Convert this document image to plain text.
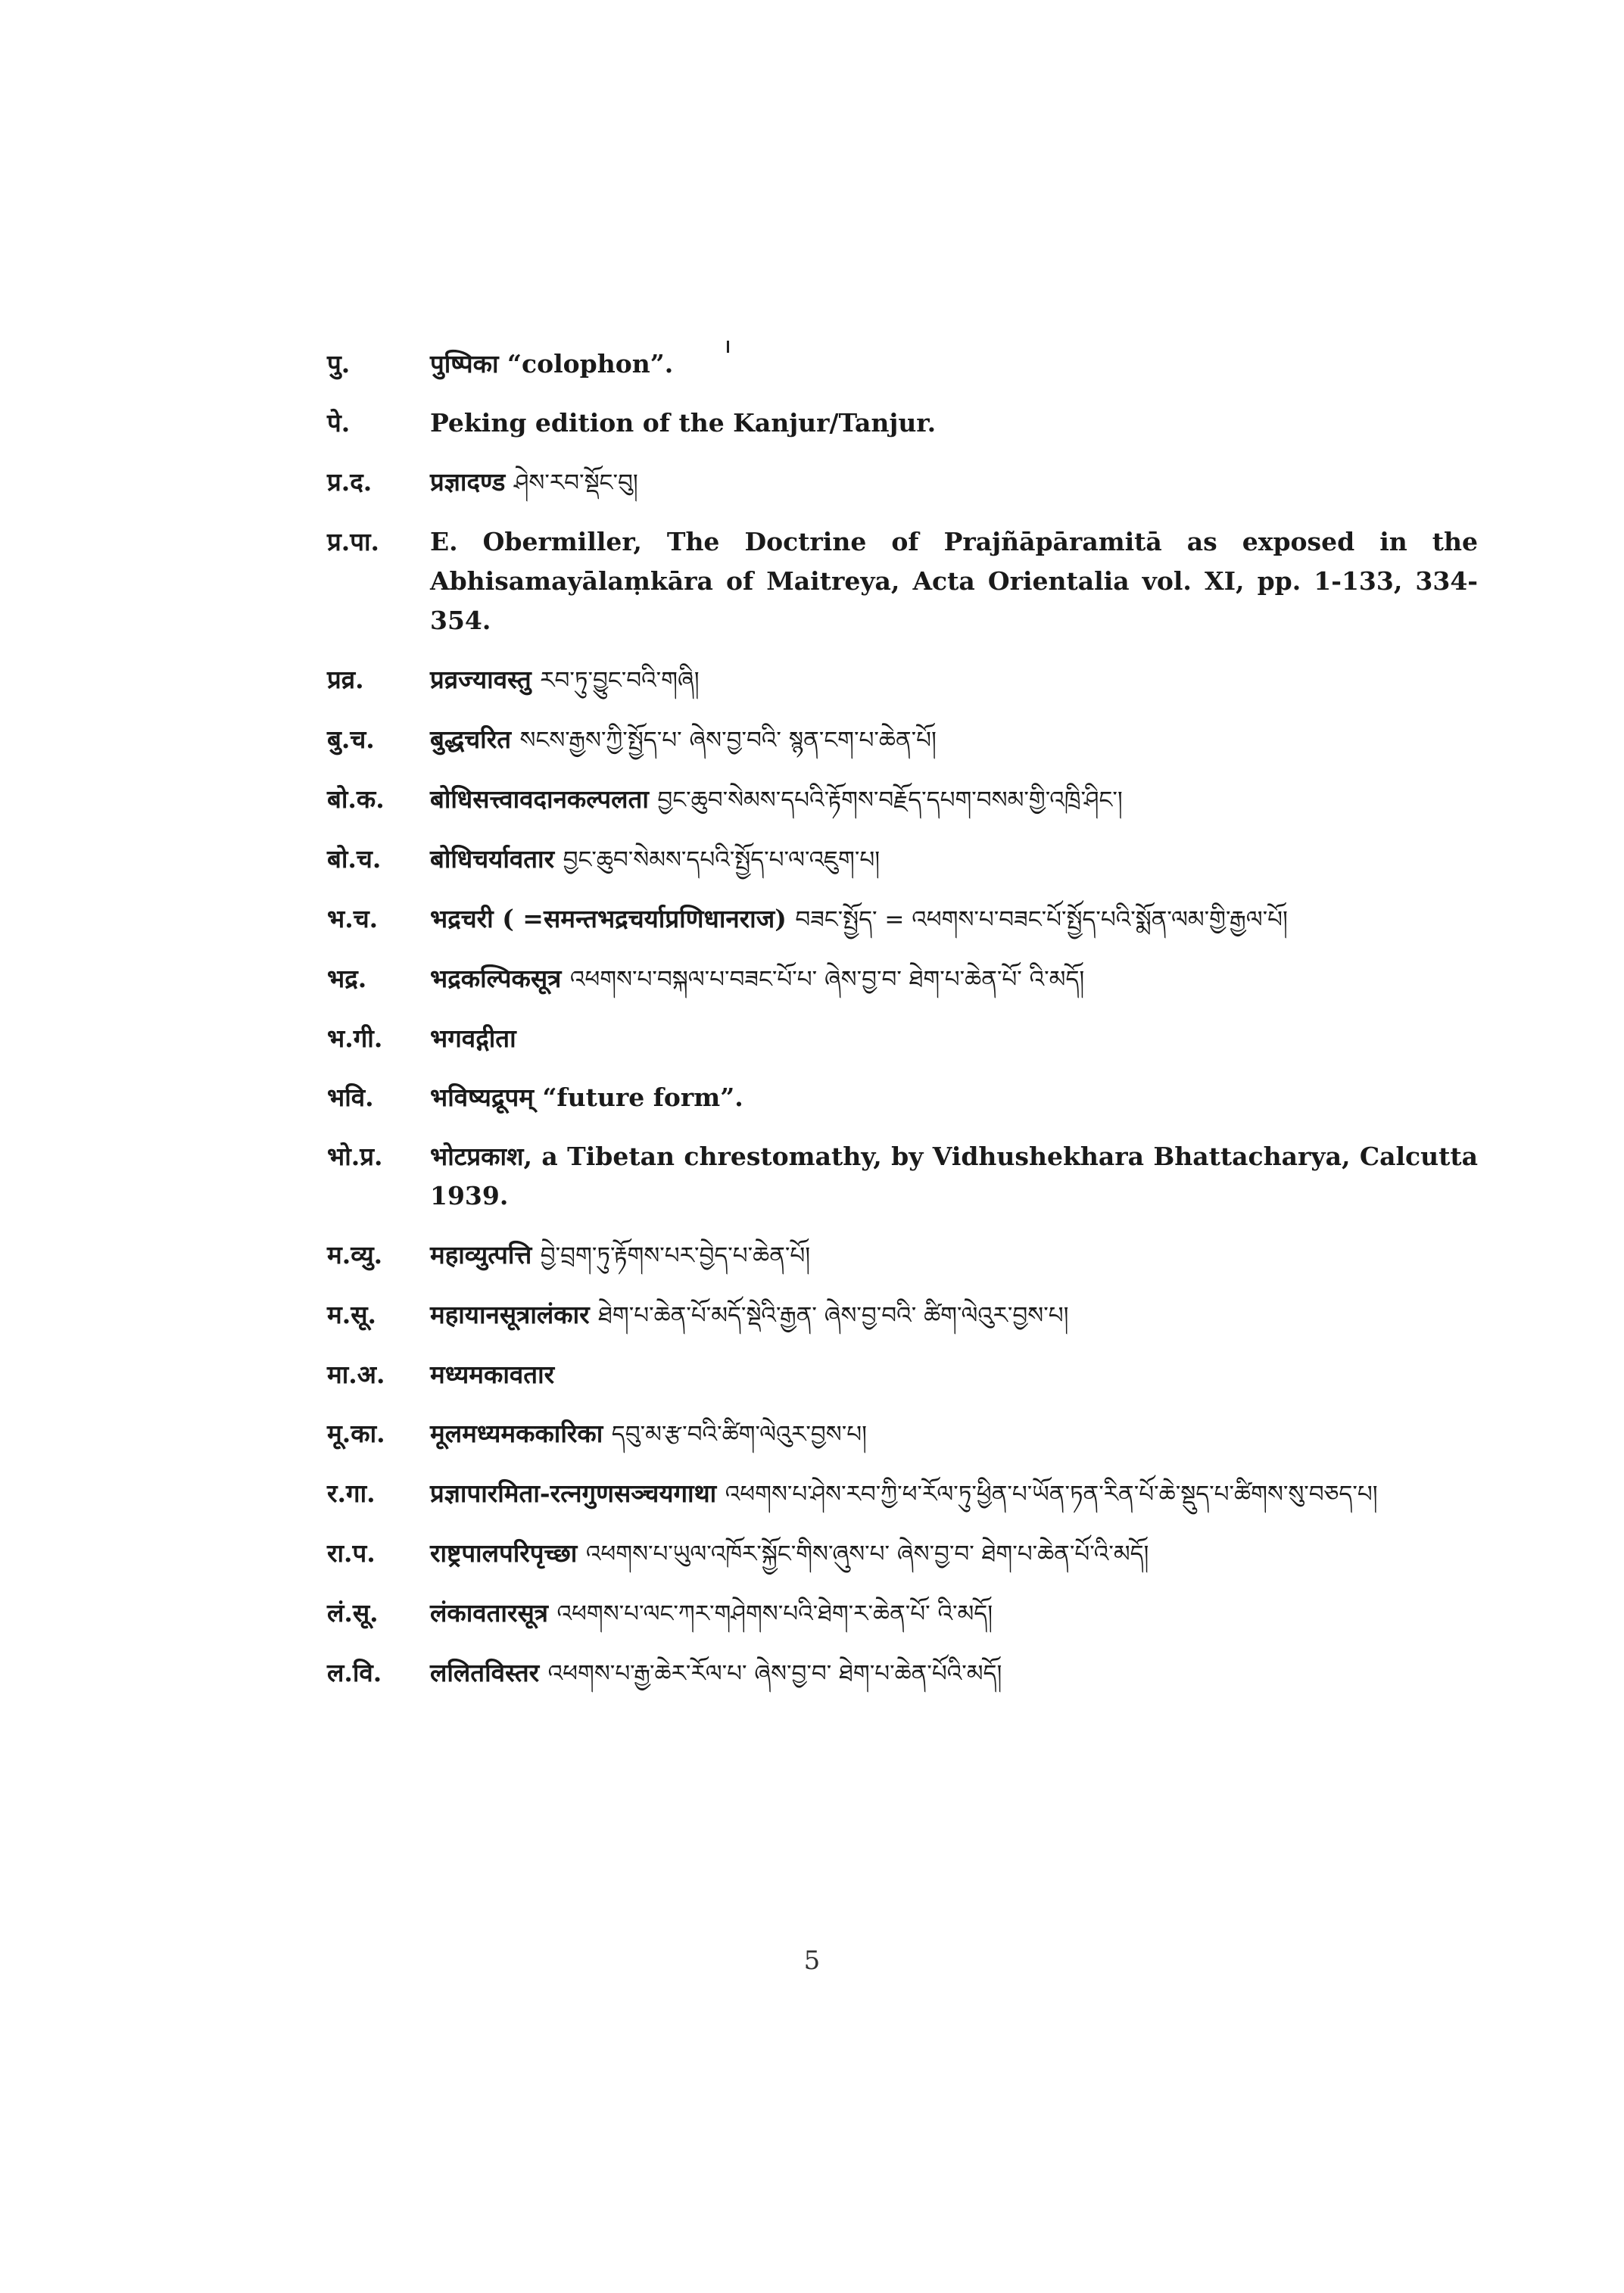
पु.	पुष्पिका “colophon”.
पे.	Peking edition of the Kanjur/Tanjur.
प्र.द.	प्रज्ञादण्ड ཤེས་རབ་སྡོང་བུ།
प्र.पा.	E. Obermiller, The Doctrine of Prajñāpāramitā as exposed in the Abhisamayālaṃkāra of Maitreya, Acta Orientalia vol. XI, pp. 1-133, 334-354.
प्रव्र.	प्रव्रज्यावस्तु རབ་ཏུ་བྱུང་བའི་གཞི།
बु.च.	बुद्धचरित སངས་རྒྱས་ཀྱི་སྤྱོད་པ་ ཞེས་བྱ་བའི་ སྙན་ངག་པ་ཆེན་པོ།
बो.क.	बोधिसत्त्वावदानकल्पलता བྱང་ཆུབ་སེམས་དཔའི་རྟོགས་བརྗོད་དཔག་བསམ་གྱི་འཁྲི་ཤིང་།
बो.च.	बोधिचर्यावतार བྱང་ཆུབ་སེམས་དཔའི་སྤྱོད་པ་ལ་འཇུག་པ།
भ.च.	भद्रचरी ( =समन्तभद्रचर्याप्रणिधानराज) བཟང་སྤྱོད་ = འཕགས་པ་བཟང་པོ་སྤྱོད་པའི་སྨོན་ལམ་གྱི་རྒྱལ་པོ།
भद्र.	भद्रकल्पिकसूत्र འཕགས་པ་བསྐལ་པ་བཟང་པོ་པ་ ཞེས་བྱ་བ་ ཐེག་པ་ཆེན་པོ་ འི་མདོ།
भ.गी.	भगवद्गीता
भवि.	भविष्यद्रूपम् “future form”.
भो.प्र.	भोटप्रकाश, a Tibetan chrestomathy, by Vidhushekhara Bhattacharya, Calcutta 1939.
म.व्यु.	महाव्युत्पत्ति བྱེ་བྲག་ཏུ་རྟོགས་པར་བྱེད་པ་ཆེན་པོ།
म.सू.	महायानसूत्रालंकार ཐེག་པ་ཆེན་པོ་མདོ་སྡེའི་རྒྱན་ ཞེས་བྱ་བའི་ ཚིག་ལེའུར་བྱས་པ།
मा.अ.	मध्यमकावतार
मू.का.	मूलमध्यमककारिका དབུ་མ་རྩ་བའི་ཚིག་ལེའུར་བྱས་པ།
र.गा.	प्रज्ञापारमिता-रत्नगुणसञ्चयगाथा འཕགས་པ་ཤེས་རབ་ཀྱི་ཕ་རོལ་ཏུ་ཕྱིན་པ་ཡོན་ཏན་རིན་པོ་ཆེ་སྡུད་པ་ཚིགས་སུ་བཅད་པ།
रा.प.	राष्ट्रपालपरिपृच्छा འཕགས་པ་ཡུལ་འཁོར་སྐྱོང་གིས་ཞུས་པ་ ཞེས་བྱ་བ་ ཐེག་པ་ཆེན་པོ་འི་མདོ།
लं.सू.	लंकावतारसूत्र འཕགས་པ་ལང་ཀར་གཤེགས་པའི་ཐེག་ར་ཆེན་པོ་ འི་མདོ།
ल.वि.	ललितविस्तर འཕགས་པ་རྒྱ་ཆེར་རོལ་པ་ ཞེས་བྱ་བ་ ཐེག་པ་ཆེན་པོའི་མདོ།
5
